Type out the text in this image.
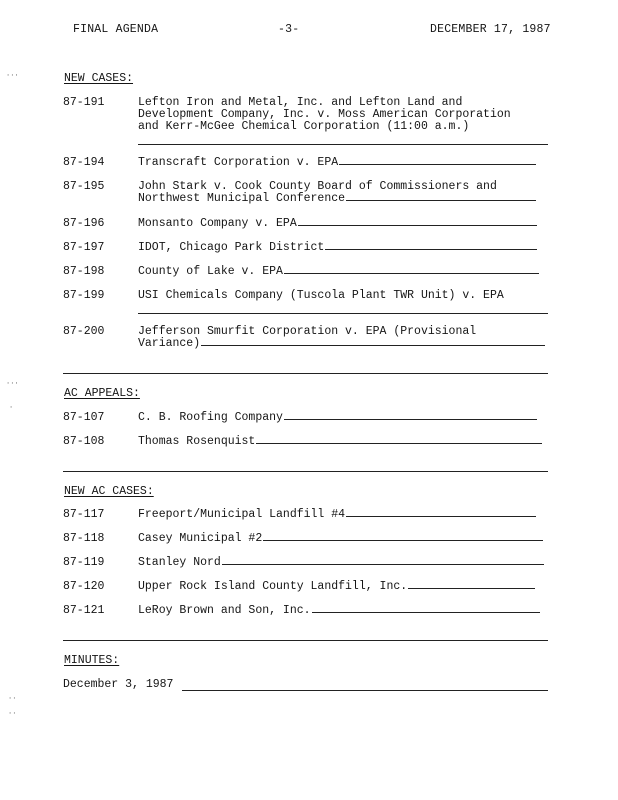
FINAL AGENDA	-3-	DECEMBER 17, 1987
NEW CASES:
87-191	Lefton Iron and Metal, Inc. and Lefton Land and
Development Company, Inc. v. Moss American Corporation
and Kerr-McGee Chemical Corporation (11:00 a.m.)
87-194	Transcraft Corporation v. EPA
87-195	John Stark v. Cook County Board of Commissioners and
Northwest Municipal Conference
87-196	Monsanto Company v. EPA
87-197	IDOT, Chicago Park District
87-198	County of Lake v. EPA
87-199	USI Chemicals Company (Tuscola Plant TWR Unit) v. EPA
87-200	Jefferson Smurfit Corporation v. EPA (Provisional
Variance)
AC APPEALS:
87-107	C. B. Roofing Company
87-108	Thomas Rosenquist
NEW AC CASES:
87-117	Freeport/Municipal Landfill #4
87-118	Casey Municipal #2
87-119	Stanley Nord
87-120	Upper Rock Island County Landfill, Inc.
87-121	LeRoy Brown and Son, Inc.
MINUTES:
December 3, 1987
···
···
·
··
··
